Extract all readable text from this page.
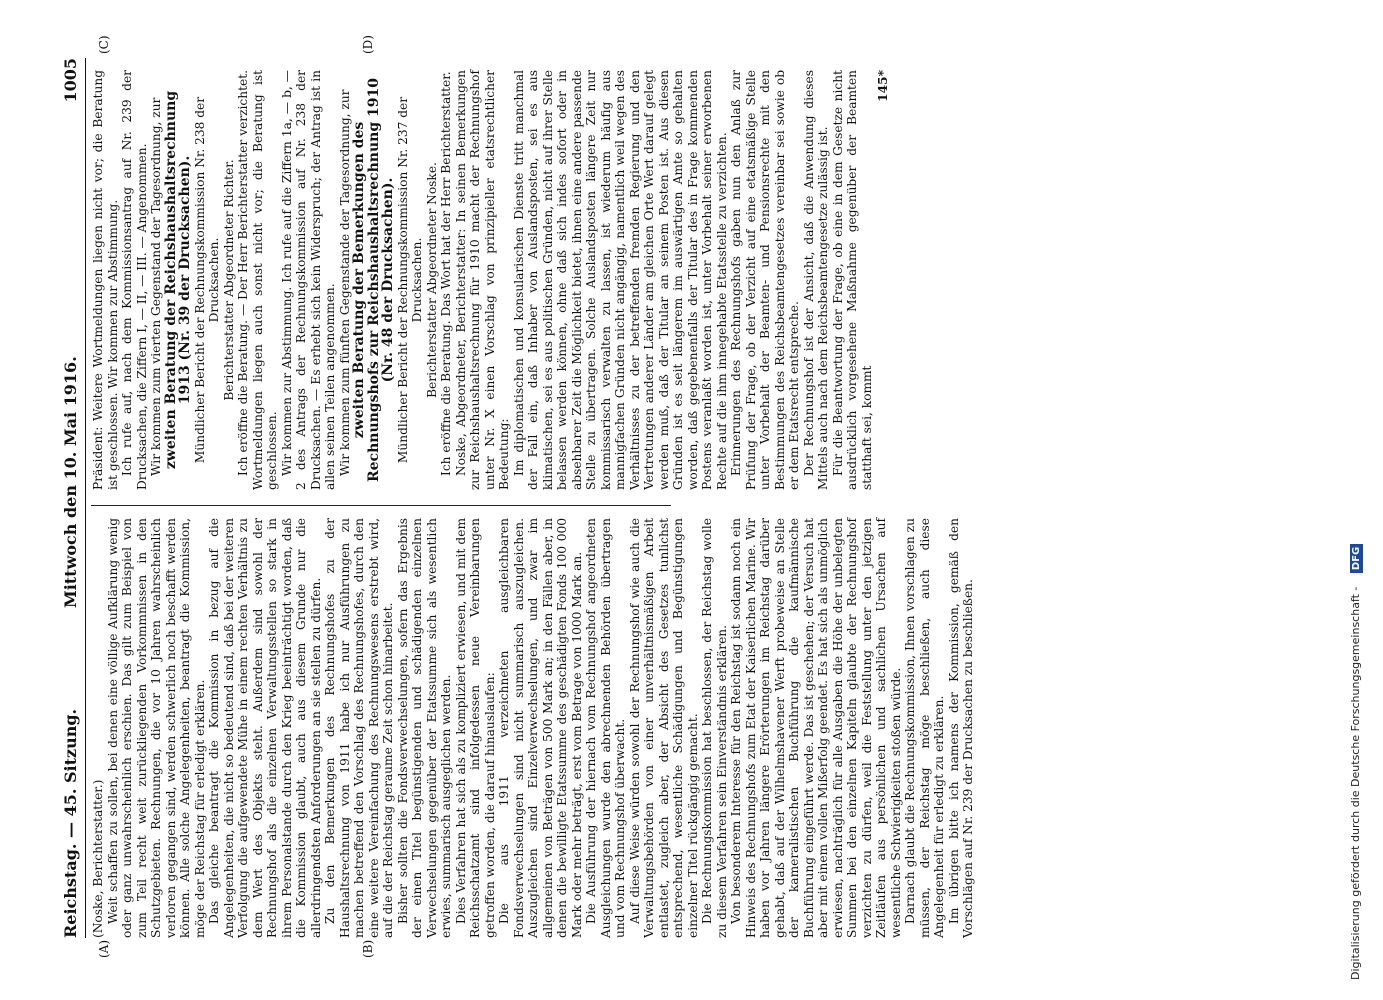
Reichstag. — 45. Sitzung.
Mittwoch den 10. Mai 1916.
1005
(A)	(B)
(C)	(D)

(Noske, Berichterstatter.) Weit schaffen zu sollen, bei denen eine völlige Aufklärung wenig oder ganz unwahrscheinlich erschien. Das gilt zum Beispiel von zum Teil recht weit zurückliegenden Vorkommnissen in den Schutzgebieten. Rechnungen, die vor 10 Jahren wahrscheinlich verloren gegangen sind, werden schwerlich noch beschafft werden können. Alle solche Angelegenheiten, beantragt die Kommission, möge der Reichstag für erledigt erklären. Das gleiche beantragt die Kommission in bezug auf die Angelegenheiten, die nicht so bedeutend sind, daß bei der weiteren Verfolgung die aufgewendete Mühe in einem rechten Verhältnis zu dem Wert des Objekts steht. Außerdem sind sowohl der Rechnungshof als die einzelnen Verwaltungsstellen so stark in ihrem Personalstande durch den Krieg beeinträchtigt worden, daß die Kommission glaubt, auch aus diesem Grunde nur die allerdringendsten Anforderungen an sie stellen zu dürfen. Zu den Bemerkungen des Rechnungshofes zu der Haushaltsrechnung von 1911 habe ich nur Ausführungen zu machen betreffend den Vorschlag des Rechnungshofes, durch den eine weitere Vereinfachung des Rechnungswesens erstrebt wird, auf die der Reichstag geraume Zeit schon hinarbeitet. Bisher sollten die Fondsverwechselungen, sofern das Ergebnis der einen Titel begünstigenden und schädigenden einzelnen Verwechselungen gegenüber der Etatssumme sich als wesentlich erwies, summarisch ausgeglichen werden. Dies Verfahren hat sich als zu kompliziert erwiesen, und mit dem Reichsschatzamt sind infolgedessen neue Vereinbarungen getroffen worden, die darauf hinauslaufen: Die aus 1911 verzeichneten ausgleichbaren Fondsverwechselungen sind nicht summarisch auszugleichen. Auszugleichen sind Einzelverwechselungen, und zwar im allgemeinen von Beträgen von 500 Mark an; in den Fällen aber, in denen die bewilligte Etatssumme des geschädigten Fonds 100 000 Mark oder mehr beträgt, erst vom Betrage von 1000 Mark an. Die Ausführung der hiernach vom Rechnungshof angeordneten Ausgleichungen wurde den abrechnenden Behörden übertragen und vom Rechnungshof überwacht. Auf diese Weise würden sowohl der Rechnungshof wie auch die Verwaltungsbehörden von einer unverhältnismäßigen Arbeit entlastet, zugleich aber, der Absicht des Gesetzes tunlichst entsprechend, wesentliche Schädigungen und Begünstigungen einzelner Titel rückgängig gemacht. Die Rechnungskommission hat beschlossen, der Reichstag wolle zu diesem Verfahren sein Einverständnis erklären. Von besonderem Interesse für den Reichstag ist sodann noch ein Hinweis des Rechnungshofs zum Etat der Kaiserlichen Marine. Wir haben vor Jahren längere Erörterungen im Reichstag darüber gehabt, daß auf der Wilhelmshavener Werft probeweise an Stelle der kameralistischen Buchführung die kaufmännische Buchführung eingeführt werde. Das ist geschehen; der Versuch hat aber mit einem vollen Mißerfolg geendet. Es hat sich als unmöglich erwiesen, nachträglich für alle Ausgaben die Höhe der unbelegten Summen bei den einzelnen Kapiteln glaubte der Rechnungshof verzichten zu dürfen, weil die Feststellung unter den jetzigen Zeitläufen aus persönlichen und sachlichen Ursachen auf wesentliche Schwierigkeiten stoßen würde. Darnach glaubt die Rechnungskommission, Ihnen vorschlagen zu müssen, der Reichstag möge beschließen, auch diese Angelegenheit für erledigt zu erklären. Im übrigen bitte ich namens der Kommission, gemäß den Vorschlägen auf Nr. 239 der Drucksachen zu beschließen.

Präsident: Weitere Wortmeldungen liegen nicht vor; die Beratung ist geschlossen. Wir kommen zur Abstimmung. Ich rufe auf, nach dem Kommissionsantrag auf Nr. 239 der Drucksachen, die Ziffern I, — II, — III. — Angenommen. Wir kommen zum vierten Gegenstand der Tagesordnung, zur zweiten Beratung der Reichshaushaltsrechnung 1913 (Nr. 39 der Drucksachen). Mündlicher Bericht der Rechnungskommission Nr. 238 der Drucksachen. Berichterstatter Abgeordneter Richter. Ich eröffne die Beratung. — Der Herr Berichterstatter verzichtet. Wortmeldungen liegen auch sonst nicht vor; die Beratung ist geschlossen. Wir kommen zur Abstimmung. Ich rufe auf die Ziffern 1a, — b, — 2 des Antrags der Rechnungskommission auf Nr. 238 der Drucksachen. — Es erhebt sich kein Widerspruch; der Antrag ist in allen seinen Teilen angenommen. Wir kommen zum fünften Gegenstande der Tagesordnung, zur zweiten Beratung der Bemerkungen des Rechnungshofs zur Reichshaushaltsrechnung 1910 (Nr. 48 der Drucksachen). Mündlicher Bericht der Rechnungskommission Nr. 237 der Drucksachen. Berichterstatter Abgeordneter Noske. Ich eröffne die Beratung. Das Wort hat der Herr Berichterstatter. Noske, Abgeordneter, Berichterstatter: In seinen Bemerkungen zur Reichshaushaltsrechnung für 1910 macht der Rechnungshof unter Nr. X einen Vorschlag von prinzipieller etatsrechtlicher Bedeutung: Im diplomatischen und konsularischen Dienste tritt manchmal der Fall ein, daß Inhaber von Auslandsposten, sei es aus klimatischen, sei es aus politischen Gründen, nicht auf ihrer Stelle belassen werden können, ohne daß sich indes sofort oder in absehbarer Zeit die Möglichkeit bietet, ihnen eine andere passende Stelle zu übertragen. Solche Auslandsposten längere Zeit nur kommissarisch verwalten zu lassen, ist wiederum häufig aus mannigfachen Gründen nicht angängig, namentlich weil wegen des Verhältnisses zu der betreffenden fremden Regierung und den Vertretungen anderer Länder am gleichen Orte Wert darauf gelegt werden muß, daß der Titular an seinem Posten ist. Aus diesen Gründen ist es seit längerem im auswärtigen Amte so gehalten worden, daß gegebenenfalls der Titular des in Frage kommenden Postens veranlaßt worden ist, unter Vorbehalt seiner erworbenen Rechte auf die ihm innegehabte Etatsstelle zu verzichten. Erinnerungen des Rechnungshofs gaben nun den Anlaß zur Prüfung der Frage, ob der Verzicht auf eine etatsmäßige Stelle unter Vorbehalt der Beamten- und Pensionsrechte mit den Bestimmungen des Reichsbeamtengesetzes vereinbar sei sowie ob er dem Etatsrecht entspreche. Der Rechnungshof ist der Ansicht, daß die Anwendung dieses Mittels auch nach dem Reichsbeamtengesetze zulässig ist. Für die Beantwortung der Frage, ob eine in dem Gesetze nicht ausdrücklich vorgesehene Maßnahme gegenüber der Beamten statthaft sei, kommt

145*
Digitalisierung gefördert durch die Deutsche Forschungsgemeinschaft - DFG
